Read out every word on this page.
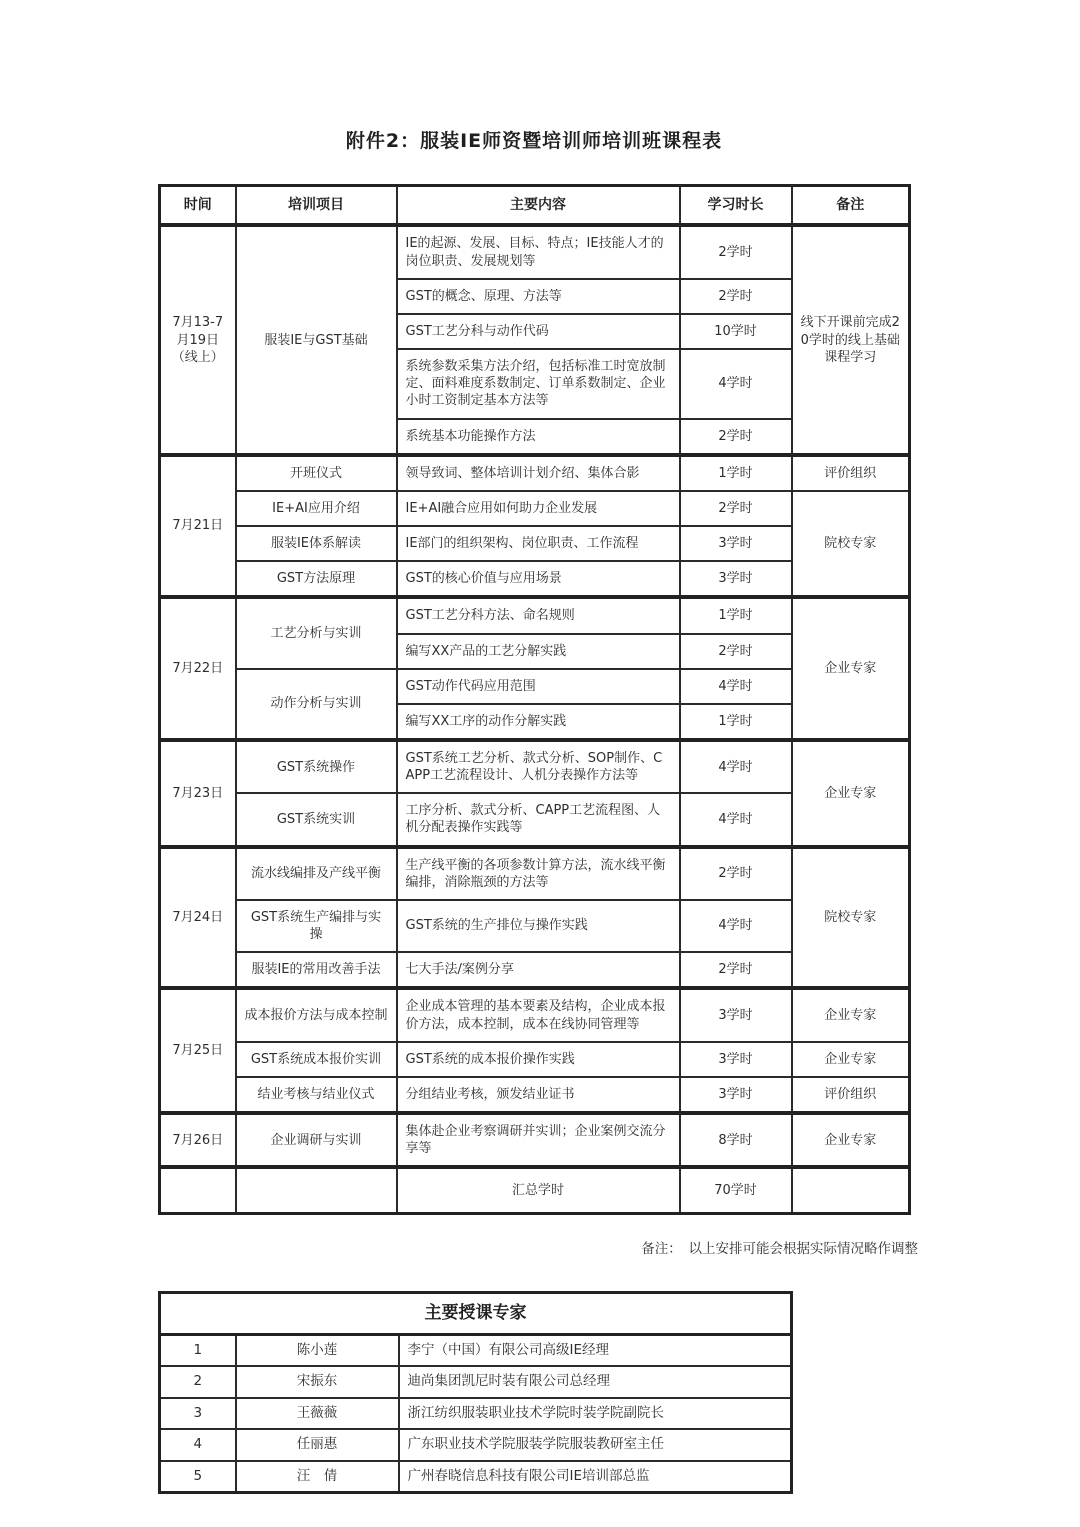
附件2：服装IE师资暨培训师培训班课程表
时间	培训项目	主要内容	学习时长	备注
7月13-7月19日（线上）	服装IE与GST基础	IE的起源、发展、目标、特点；IE技能人才的岗位职责、发展规划等	2学时	线下开课前完成20学时的线上基础课程学习
		GST的概念、原理、方法等	2学时	
		GST工艺分科与动作代码	10学时	
		系统参数采集方法介绍，包括标准工时宽放制定、面料难度系数制定、订单系数制定、企业小时工资制定基本方法等	4学时	
		系统基本功能操作方法	2学时	
7月21日	开班仪式	领导致词、整体培训计划介绍、集体合影	1学时	评价组织
	IE+AI应用介绍	IE+AI融合应用如何助力企业发展	2学时	院校专家
	服装IE体系解读	IE部门的组织架构、岗位职责、工作流程	3学时	
	GST方法原理	GST的核心价值与应用场景	3学时	
7月22日	工艺分析与实训	GST工艺分科方法、命名规则	1学时	企业专家
		编写XX产品的工艺分解实践	2学时	
	动作分析与实训	GST动作代码应用范围	4学时	
		编写XX工序的动作分解实践	1学时	
7月23日	GST系统操作	GST系统工艺分析、款式分析、SOP制作、CAPP工艺流程设计、人机分表操作方法等	4学时	企业专家
	GST系统实训	工序分析、款式分析、CAPP工艺流程图、人机分配表操作实践等	4学时	
7月24日	流水线编排及产线平衡	生产线平衡的各项参数计算方法，流水线平衡编排，消除瓶颈的方法等	2学时	院校专家
	GST系统生产编排与实操	GST系统的生产排位与操作实践	4学时	
	服装IE的常用改善手法	七大手法/案例分享	2学时	
7月25日	成本报价方法与成本控制	企业成本管理的基本要素及结构，企业成本报价方法，成本控制，成本在线协同管理等	3学时	企业专家
	GST系统成本报价实训	GST系统的成本报价操作实践	3学时	企业专家
	结业考核与结业仪式	分组结业考核，颁发结业证书	3学时	评价组织
7月26日	企业调研与实训	集体赴企业考察调研并实训；企业案例交流分享等	8学时	企业专家
		汇总学时	70学时	
备注：　以上安排可能会根据实际情况略作调整
主要授课专家		
1	陈小莲	李宁（中国）有限公司高级IE经理
2	宋振东	迪尚集团凯尼时装有限公司总经理
3	王薇薇	浙江纺织服装职业技术学院时装学院副院长
4	任丽惠	广东职业技术学院服装学院服装教研室主任
5	汪　倩	广州春晓信息科技有限公司IE培训部总监
